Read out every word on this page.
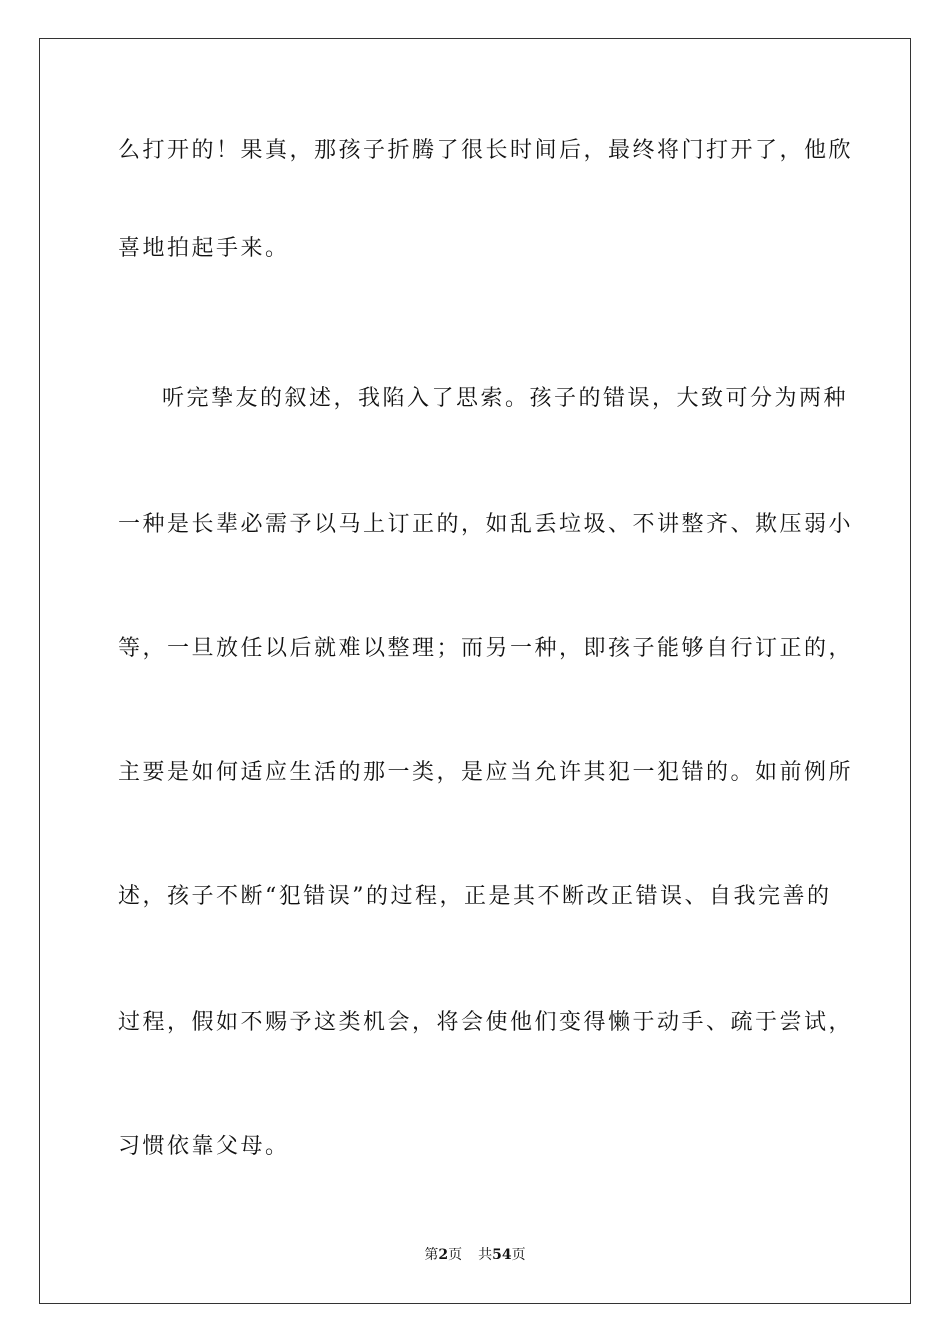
么打开的！果真，那孩子折腾了很长时间后，最终将门打开了，他欣
喜地拍起手来。
听完挚友的叙述，我陷入了思索。孩子的错误，大致可分为两种
一种是长辈必需予以马上订正的，如乱丢垃圾、不讲整齐、欺压弱小
等，一旦放任以后就难以整理；而另一种，即孩子能够自行订正的，
主要是如何适应生活的那一类，是应当允许其犯一犯错的。如前例所
述，孩子不断“犯错误”的过程，正是其不断改正错误、自我完善的
过程，假如不赐予这类机会，将会使他们变得懒于动手、疏于尝试，
习惯依靠父母。
第2页 共54页
